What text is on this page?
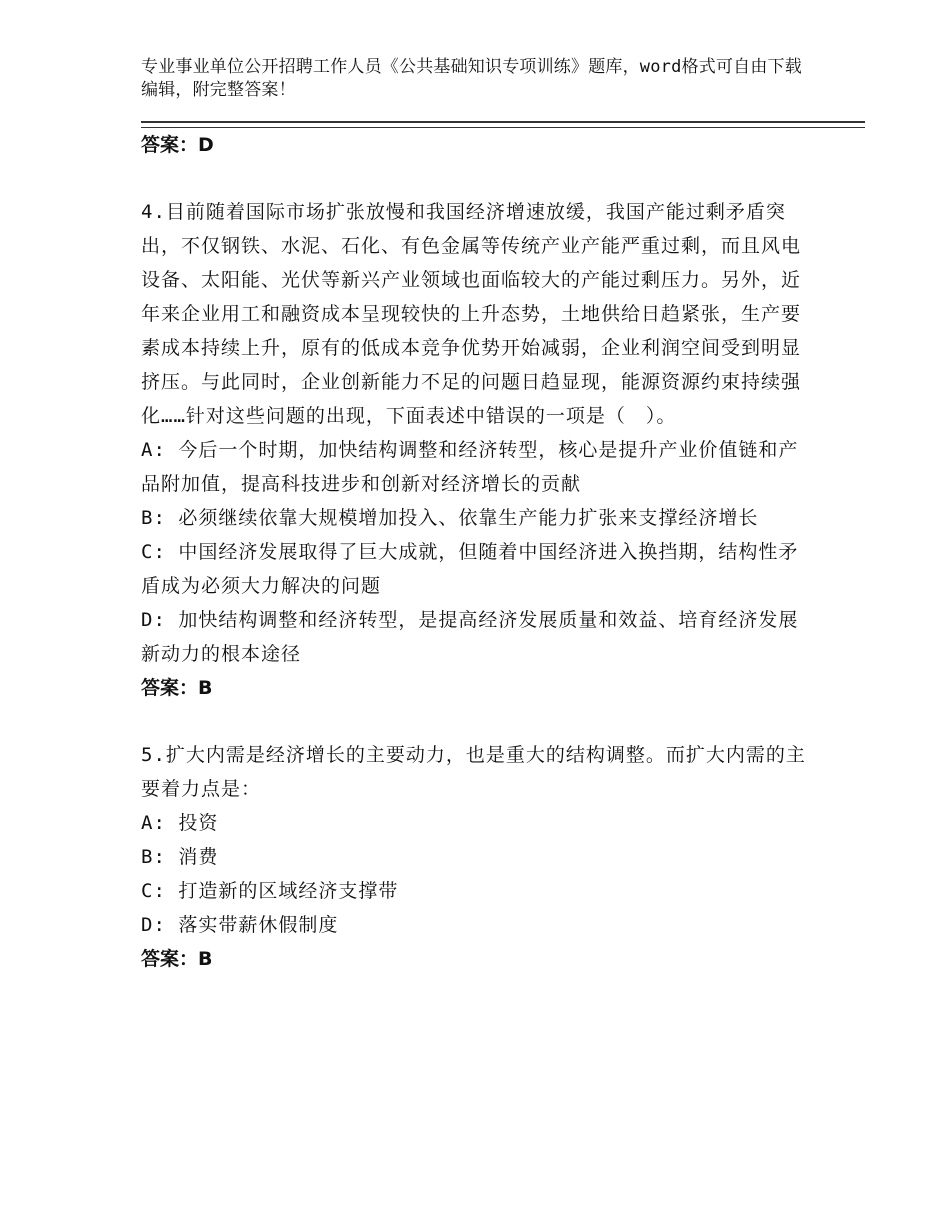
专业事业单位公开招聘工作人员《公共基础知识专项训练》题库，word格式可自由下载编辑，附完整答案！
答案：D
4.目前随着国际市场扩张放慢和我国经济增速放缓，我国产能过剩矛盾突出，不仅钢铁、水泥、石化、有色金属等传统产业产能严重过剩，而且风电设备、太阳能、光伏等新兴产业领域也面临较大的产能过剩压力。另外，近年来企业用工和融资成本呈现较快的上升态势，土地供给日趋紧张，生产要素成本持续上升，原有的低成本竞争优势开始减弱，企业利润空间受到明显挤压。与此同时，企业创新能力不足的问题日趋显现，能源资源约束持续强化……针对这些问题的出现，下面表述中错误的一项是（　）。
A: 今后一个时期，加快结构调整和经济转型，核心是提升产业价值链和产品附加值，提高科技进步和创新对经济增长的贡献
B: 必须继续依靠大规模增加投入、依靠生产能力扩张来支撑经济增长
C: 中国经济发展取得了巨大成就，但随着中国经济进入换挡期，结构性矛盾成为必须大力解决的问题
D: 加快结构调整和经济转型，是提高经济发展质量和效益、培育经济发展新动力的根本途径
答案：B
5.扩大内需是经济增长的主要动力，也是重大的结构调整。而扩大内需的主要着力点是：
A: 投资
B: 消费
C: 打造新的区域经济支撑带
D: 落实带薪休假制度
答案：B
